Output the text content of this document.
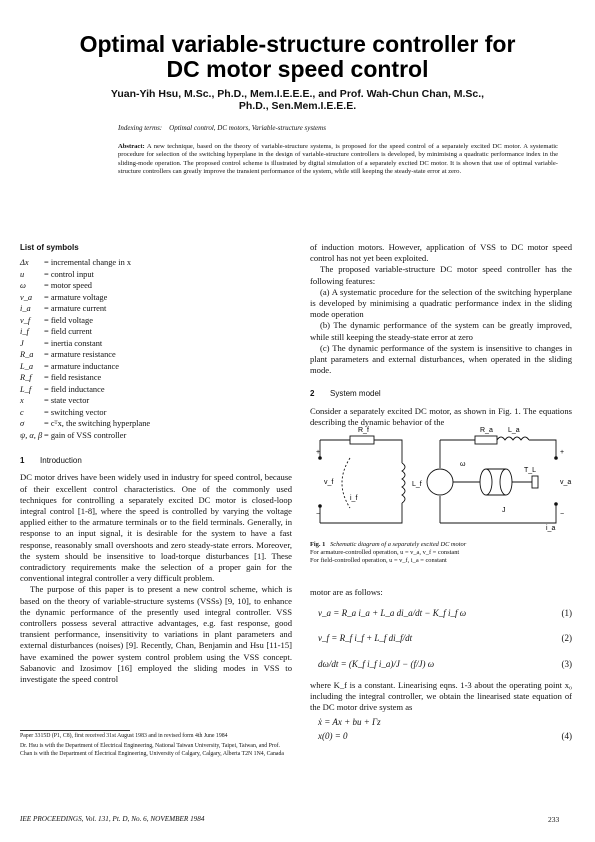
Optimal variable-structure controller for
DC motor speed control
Yuan-Yih Hsu, M.Sc., Ph.D., Mem.I.E.E.E., and Prof. Wah-Chun Chan, M.Sc.,
Ph.D., Sen.Mem.I.E.E.E.
Indexing terms: Optimal control, DC motors, Variable-structure systems
Abstract: A new technique, based on the theory of variable-structure systems, is proposed for the speed control of a separately excited DC motor. A systematic procedure for selection of the switching hyperplane in the design of variable-structure controllers is developed, by minimising a quadratic performance index in the sliding-mode operation. The proposed control scheme is illustrated by digital simulation of a separately excited DC motor. It is shown that use of optimal variable-structure controllers can greatly improve the transient performance of the system, while still keeping the steady-state error at zero.
List of symbols
Δx	= incremental change in x
u	= control input
ω	= motor speed
v_a	= armature voltage
i_a	= armature current
v_f	= field voltage
i_f	= field current
J	= inertia constant
R_a	= armature resistance
L_a	= armature inductance
R_f	= field resistance
L_f	= field inductance
x	= state vector
c	= switching vector
σ	= cᵀx, the switching hyperplane
ψ, α, β = gain of VSS controller
1 Introduction

DC motor drives have been widely used in industry for speed control, because of their excellent control characteristics. One of the commonly used techniques for controlling a separately excited DC motor is closed-loop integral control [1-8], where the speed is controlled by varying the voltage applied either to the armature terminals or to the field terminals. Generally, in response to an input signal, it is desirable for the system to have a fast response, reasonably small overshoots and zero steady-state errors. Moreover, the system should be insensitive to load-torque disturbances [1]. These contradictory requirements make the selection of a proper gain for the conventional integral controller a very difficult problem.

The purpose of this paper is to present a new control scheme, which is based on the theory of variable-structure systems (VSSs) [9, 10], to enhance the dynamic performance of the presently used integral controller. VSS controllers possess several attractive advantages, e.g. fast response, good transient performance, insensitivity to variations in plant parameters and external disturbances (noises) [9]. Recently, Chan, Benjamin and Hsu [11-15] have examined the power system control problem using the VSS concept. Sabanovic and Izosimov [16] employed the sliding modes in VSS to investigate the speed control

Paper 3315D (P1, C8), first received 31st August 1983 and in revised form 4th June 1984
Dr. Hsu is with the Department of Electrical Engineering, National Taiwan University, Taipei, Taiwan, and Prof. Chan is with the Department of Electrical Engineering, University of Calgary, Calgary, Alberta T2N 1N4, Canada
IEE PROCEEDINGS, Vol. 131, Pt. D, No. 6, NOVEMBER 1984	233

of induction motors. However, application of VSS to DC motor speed control has not yet been exploited.

The proposed variable-structure DC motor speed controller has the following features:

(a) A systematic procedure for the selection of the switching hyperplane is developed by minimising a quadratic performance index in the sliding mode operation

(b) The dynamic performance of the system can be greatly improved, while still keeping the steady-state error at zero

(c) The dynamic performance of the system is insensitive to changes in plant parameters and external disturbances, when operated in the sliding mode.

2 System model

Consider a separately excited DC motor, as shown in Fig. 1. The equations describing the dynamic behavior of the

R_f	R_a L_a
L_f
v_f
+
−
i_f
ω
J
T_L
v_a
+
−
i_a
Fig. 1 Schematic diagram of a separately excited DC motor
For armature-controlled operation, u = v_a, v_f = constant
For field-controlled operation, u = v_f, i_a = constant

motor are as follows:

v_a = R_a i_a + L_a di_a/dt − K_f i_f ω	(1)
v_f = R_f i_f + L_f di_f/dt	(2)
dω/dt = (K_f i_f i_a)/J − (f/J) ω	(3)

where K_f is a constant. Linearising eqns. 1-3 about the operating point x₀ including the integral controller, we obtain the linearised state equation of the DC motor drive system as

ẋ = Ax + bu + Γz
x(0) = 0	(4)
